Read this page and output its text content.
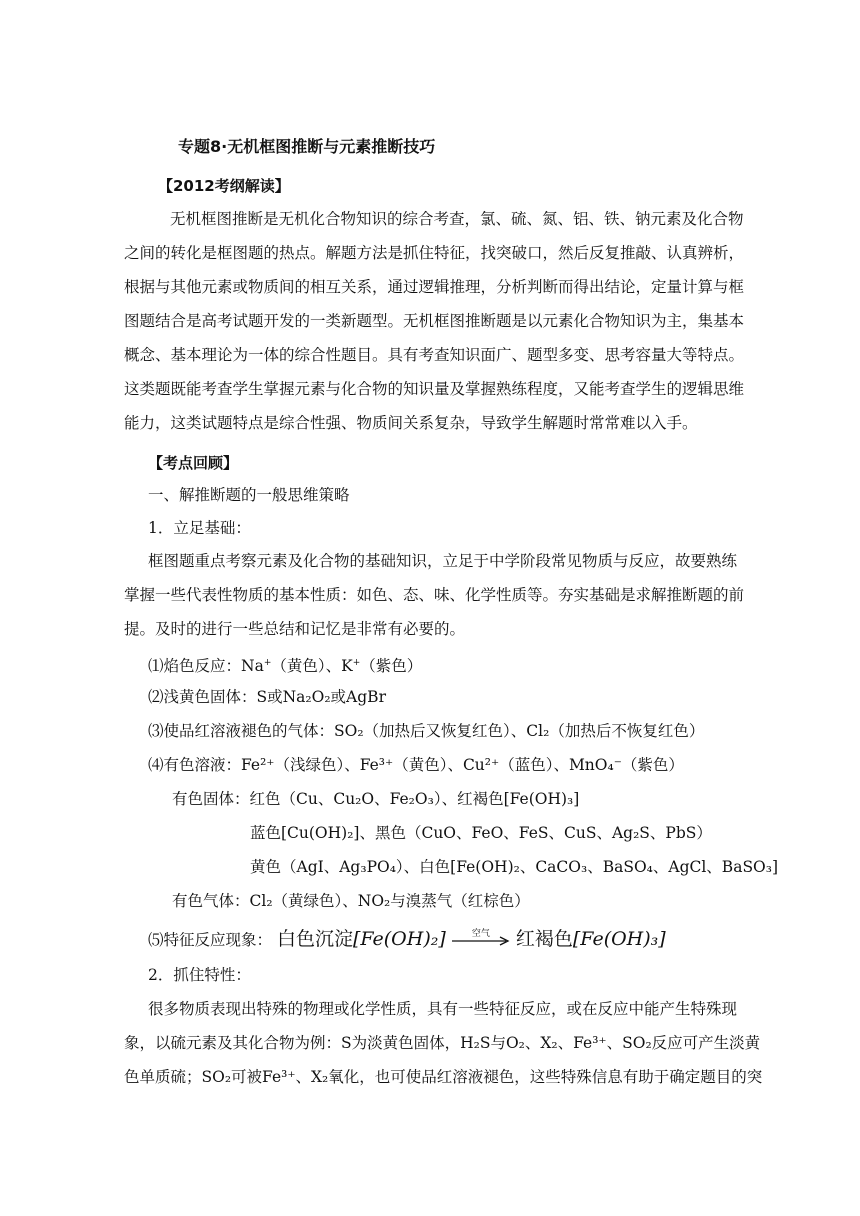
专题8∙无机框图推断与元素推断技巧
【2012考纲解读】
无机框图推断是无机化合物知识的综合考查，氯、硫、氮、铝、铁、钠元素及化合物
之间的转化是框图题的热点。解题方法是抓住特征，找突破口，然后反复推敲、认真辨析，
根据与其他元素或物质间的相互关系，通过逻辑推理，分析判断而得出结论，定量计算与框
图题结合是高考试题开发的一类新题型。无机框图推断题是以元素化合物知识为主，集基本
概念、基本理论为一体的综合性题目。具有考查知识面广、题型多变、思考容量大等特点。
这类题既能考查学生掌握元素与化合物的知识量及掌握熟练程度，又能考查学生的逻辑思维
能力，这类试题特点是综合性强、物质间关系复杂，导致学生解题时常常难以入手。
【考点回顾】
一、解推断题的一般思维策略
1．立足基础：
框图题重点考察元素及化合物的基础知识，立足于中学阶段常见物质与反应，故要熟练
掌握一些代表性物质的基本性质：如色、态、味、化学性质等。夯实基础是求解推断题的前
提。及时的进行一些总结和记忆是非常有必要的。
⑴焰色反应：Na+（黄色）、K+（紫色）
⑵浅黄色固体：S或Na₂O₂或AgBr
⑶使品红溶液褪色的气体：SO₂（加热后又恢复红色）、Cl₂（加热后不恢复红色）
⑷有色溶液：Fe²⁺（浅绿色）、Fe³⁺（黄色）、Cu²⁺（蓝色）、MnO₄⁻（紫色）
有色固体：红色（Cu、Cu₂O、Fe₂O₃）、红褐色[Fe(OH)₃]
蓝色[Cu(OH)₂]、黑色（CuO、FeO、FeS、CuS、Ag₂S、PbS）
黄色（AgI、Ag₃PO₄）、白色[Fe(OH)₂、CaCO₃、BaSO₄、AgCl、BaSO₃]
有色气体：Cl₂（黄绿色）、NO₂与溴蒸气（红棕色）
⑸特征反应现象： 白色沉淀[Fe(OH)₂]	空气	红褐色[Fe(OH)₃]
2．抓住特性：
很多物质表现出特殊的物理或化学性质，具有一些特征反应，或在反应中能产生特殊现
象，以硫元素及其化合物为例：S为淡黄色固体，H₂S与O₂、X₂、Fe³⁺、SO₂反应可产生淡黄
色单质硫；SO₂可被Fe³⁺、X₂氧化，也可使品红溶液褪色，这些特殊信息有助于确定题目的突
